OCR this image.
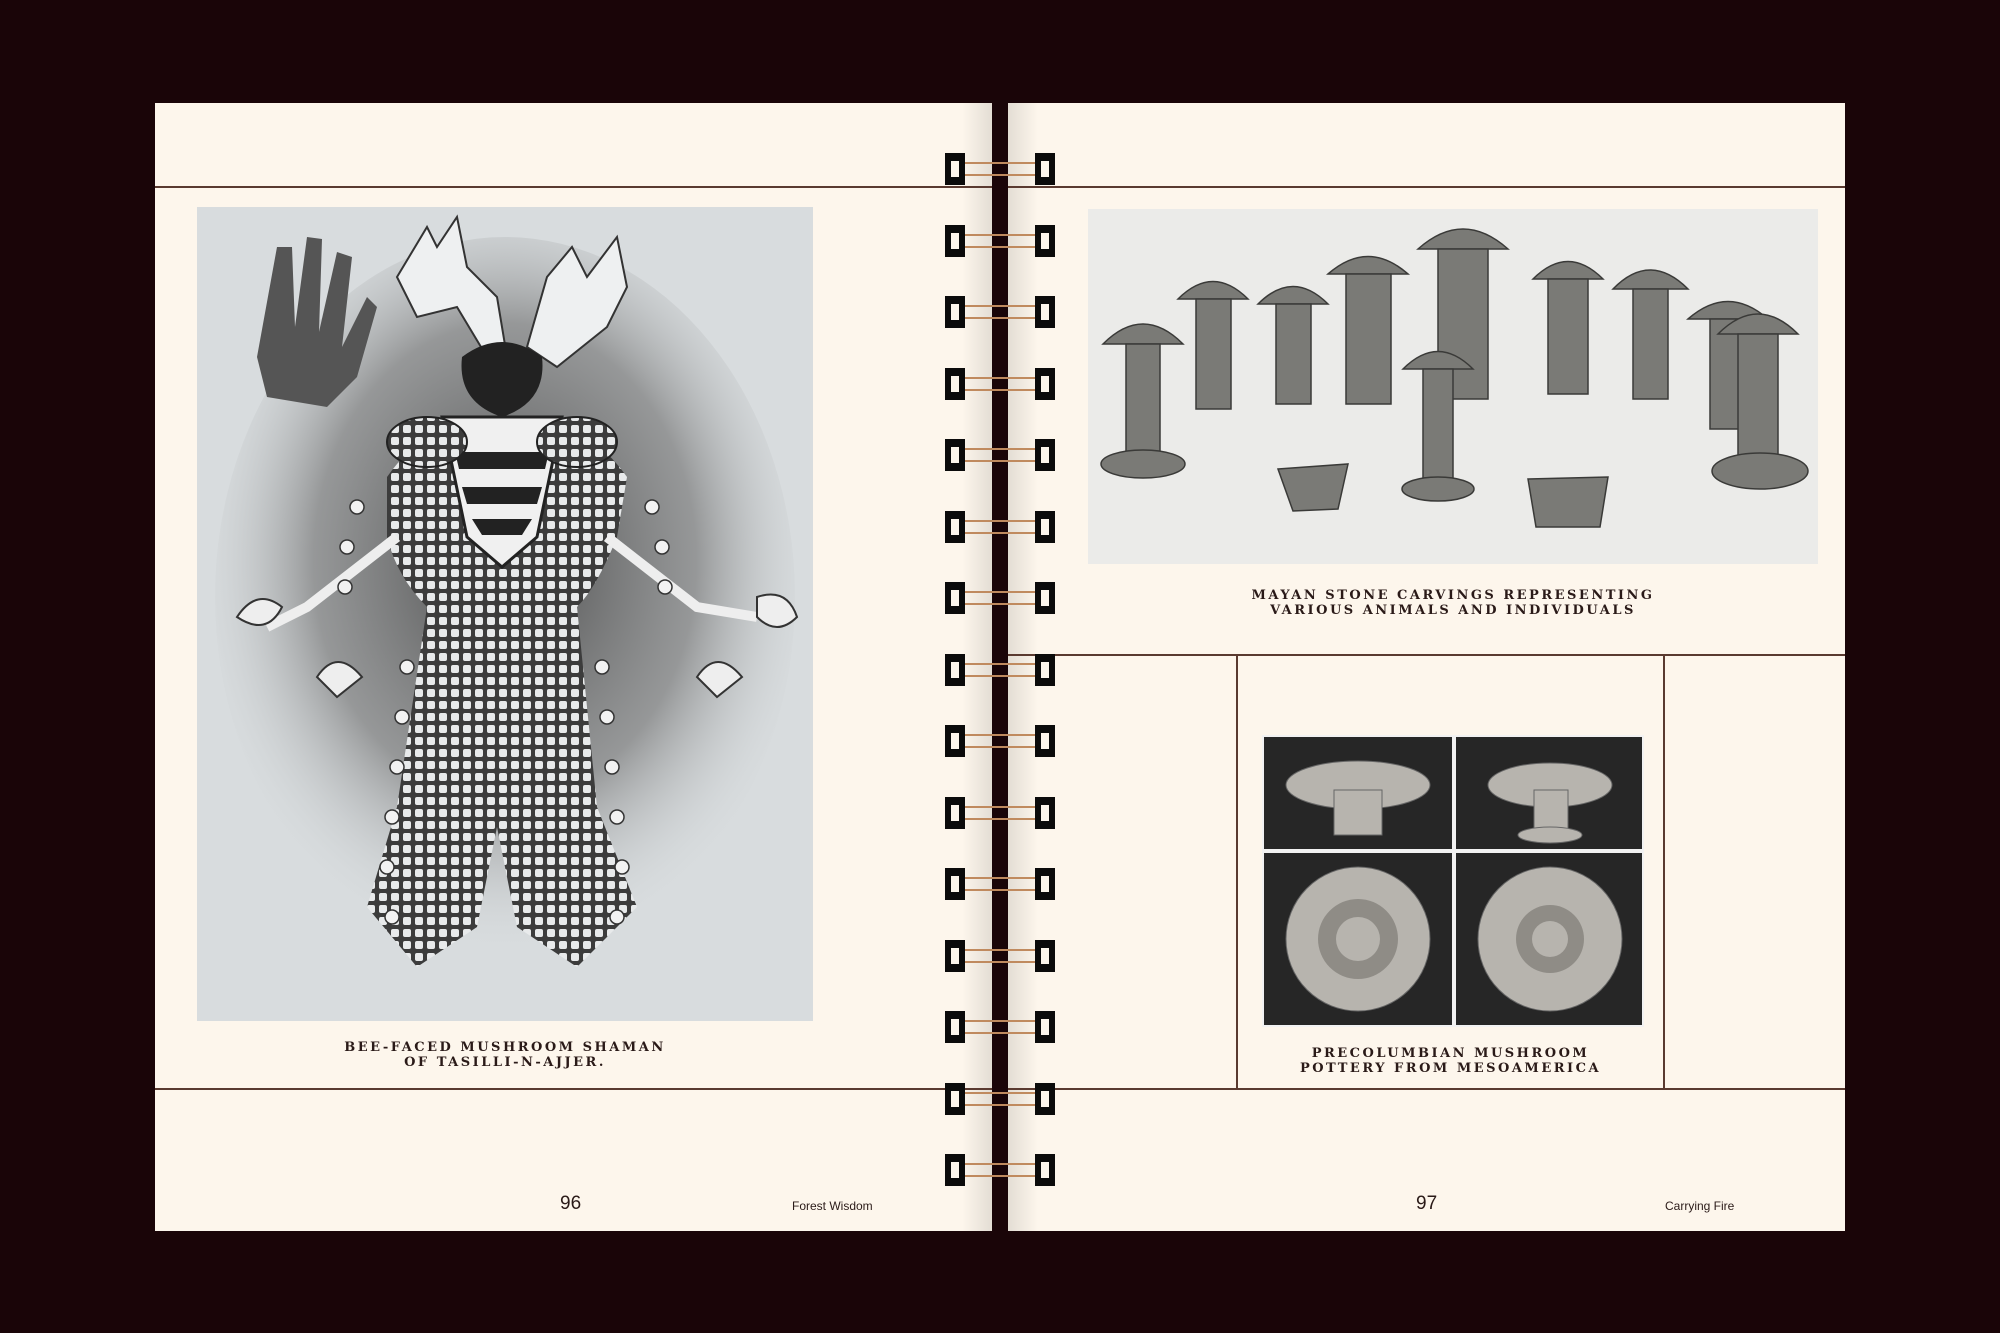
BEE-FACED MUSHROOM SHAMAN
OF TASILLI-N-AJJER.
96	Forest Wisdom
MAYAN STONE CARVINGS REPRESENTING
VARIOUS ANIMALS AND INDIVIDUALS
PRECOLUMBIAN MUSHROOM
POTTERY FROM MESOAMERICA
97	Carrying Fire
